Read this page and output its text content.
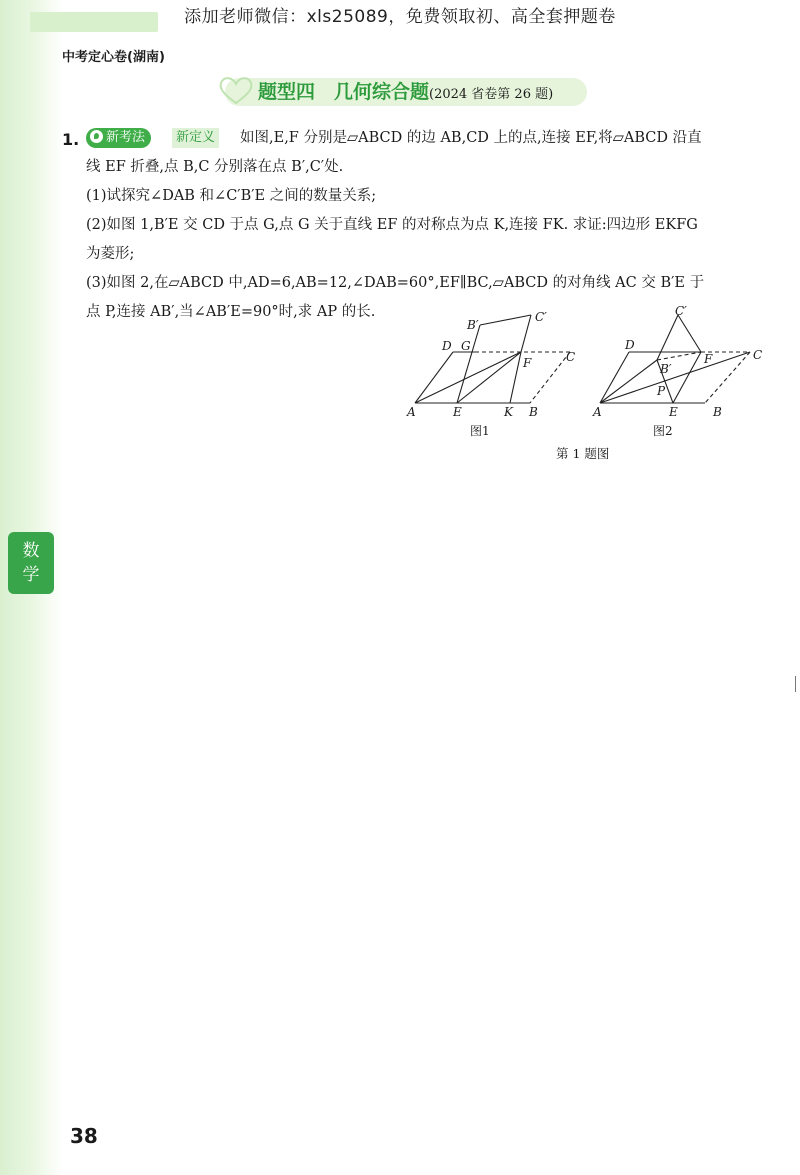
添加老师微信：xls25089，免费领取初、高全套押题卷
中考定心卷(湖南)
题型四　几何综合题(2024 省卷第 26 题)
1.	新考法	新定义 如图,E,F 分别是▱ABCD 的边 AB,CD 上的点,连接 EF,将▱ABCD 沿直
线 EF 折叠,点 B,C 分别落在点 B′,C′处.
(1)试探究∠DAB 和∠C′B′E 之间的数量关系;
(2)如图 1,B′E 交 CD 于点 G,点 G 关于直线 EF 的对称点为点 K,连接 FK. 求证:四边形 EKFG
为菱形;
(3)如图 2,在▱ABCD 中,AD=6,AB=12,∠DAB=60°,EF∥BC,▱ABCD 的对角线 AC 交 B′E 于
点 P,连接 AB′,当∠AB′E=90°时,求 AP 的长.
A	E	K B
D G
C
F
B′
C′
A	E	B
D
C
F
B′
C′
P
图1	图2
第 1 题图
数
学
38
